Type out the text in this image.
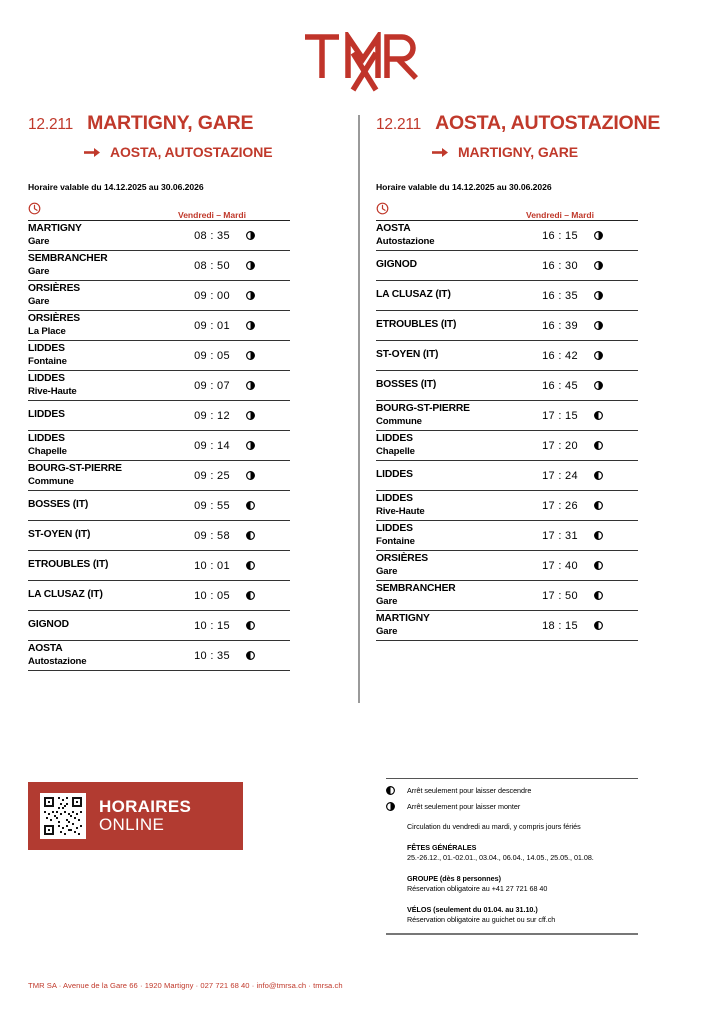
12.211 MARTIGNY, GARE
AOSTA, AUTOSTAZIONE
Horaire valable du 14.12.2025 au 30.06.2026
	Vendredi – Mardi	

MARTIGNY
Gare	08 : 35	

SEMBRANCHER
Gare	08 : 50	

ORSIÈRES
Gare	09 : 00	

ORSIÈRES
La Place	09 : 01	

LIDDES
Fontaine	09 : 05	

LIDDES
Rive-Haute	09 : 07	

LIDDES	09 : 12	

LIDDES
Chapelle	09 : 14	

BOURG-ST-PIERRE
Commune	09 : 25	

BOSSES (IT)	09 : 55	

ST-OYEN (IT)	09 : 58	

ETROUBLES (IT)	10 : 01	

LA CLUSAZ (IT)	10 : 05	

GIGNOD	10 : 15	

AOSTA
Autostazione	10 : 35	
12.211 AOSTA, AUTOSTAZIONE
MARTIGNY, GARE
Horaire valable du 14.12.2025 au 30.06.2026
	Vendredi – Mardi	

AOSTA
Autostazione	16 : 15	

GIGNOD	16 : 30	

LA CLUSAZ (IT)	16 : 35	

ETROUBLES (IT)	16 : 39	

ST-OYEN (IT)	16 : 42	

BOSSES (IT)	16 : 45	

BOURG-ST-PIERRE
Commune	17 : 15	

LIDDES
Chapelle	17 : 20	

LIDDES	17 : 24	

LIDDES
Rive-Haute	17 : 26	

LIDDES
Fontaine	17 : 31	

ORSIÈRES
Gare	17 : 40	

SEMBRANCHER
Gare	17 : 50	

MARTIGNY
Gare	18 : 15	
HORAIRES
ONLINE
Arrêt seulement pour laisser descendre
Arrêt seulement pour laisser monter
Circulation du vendredi au mardi, y compris jours fériés
FÊTES GÉNÉRALES
25.-26.12., 01.-02.01., 03.04., 06.04., 14.05., 25.05., 01.08.
GROUPE (dès 8 personnes)
Réservation obligatoire au +41 27 721 68 40
VÉLOS (seulement du 01.04. au 31.10.)
Réservation obligatoire au guichet ou sur cff.ch
TMR SA · Avenue de la Gare 66 · 1920 Martigny · 027 721 68 40 · info@tmrsa.ch · tmrsa.ch
